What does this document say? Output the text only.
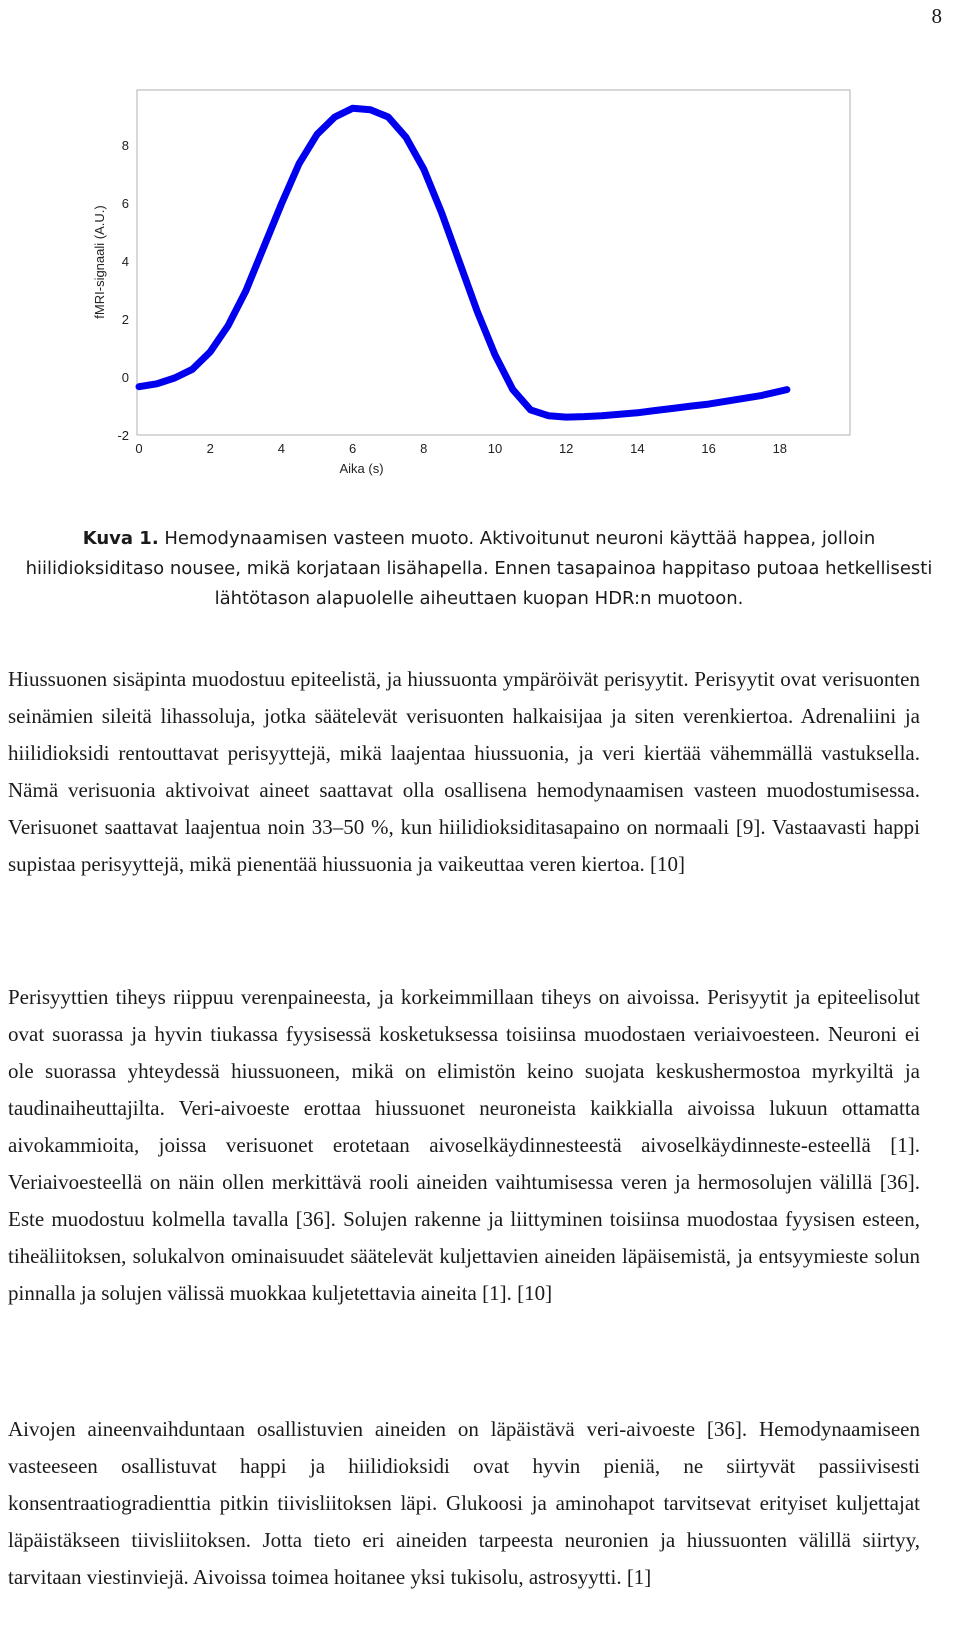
8
-2
0
2
4
6
8
0	2	4	6	8	10	12	14	16	18
Aika (s)
fMRI-signaali (A.U.)
Kuva 1. Hemodynaamisen vasteen muoto. Aktivoitunut neuroni käyttää happea, jolloin hiilidioksiditaso nousee, mikä korjataan lisähapella. Ennen tasapainoa happitaso putoaa hetkellisesti lähtötason alapuolelle aiheuttaen kuopan HDR:n muotoon.

Hiussuonen sisäpinta muodostuu epiteelistä, ja hiussuonta ympäröivät perisyytit. Perisyytit ovat verisuonten seinämien sileitä lihassoluja, jotka säätelevät verisuonten halkaisijaa ja siten verenkiertoa. Adrenaliini ja hiilidioksidi rentouttavat perisyyttejä, mikä laajentaa hiussuonia, ja veri kiertää vähemmällä vastuksella. Nämä verisuonia aktivoivat aineet saattavat olla osallisena hemodynaamisen vasteen muodostumisessa. Verisuonet saattavat laajentua noin 33–50 %, kun hiilidioksiditasapaino on normaali [9]. Vastaavasti happi supistaa perisyyttejä, mikä pienentää hiussuonia ja vaikeuttaa veren kiertoa. [10]

Perisyyttien tiheys riippuu verenpaineesta, ja korkeimmillaan tiheys on aivoissa. Perisyytit ja epiteelisolut ovat suorassa ja hyvin tiukassa fyysisessä kosketuksessa toisiinsa muodostaen veriaivoesteen. Neuroni ei ole suorassa yhteydessä hiussuoneen, mikä on elimistön keino suojata keskushermostoa myrkyiltä ja taudinaiheuttajilta. Veri-aivoeste erottaa hiussuonet neuroneista kaikkialla aivoissa lukuun ottamatta aivokammioita, joissa verisuonet erotetaan aivoselkäydinnesteestä aivoselkäydinneste-esteellä [1]. Veriaivoesteellä on näin ollen merkittävä rooli aineiden vaihtumisessa veren ja hermosolujen välillä [36]. Este muodostuu kolmella tavalla [36]. Solujen rakenne ja liittyminen toisiinsa muodostaa fyysisen esteen, tiheäliitoksen, solukalvon ominaisuudet säätelevät kuljettavien aineiden läpäisemistä, ja entsyymieste solun pinnalla ja solujen välissä muokkaa kuljetettavia aineita [1]. [10]

Aivojen aineenvaihduntaan osallistuvien aineiden on läpäistävä veri-aivoeste [36]. Hemodynaamiseen vasteeseen osallistuvat happi ja hiilidioksidi ovat hyvin pieniä, ne siirtyvät passiivisesti konsentraatiogradienttia pitkin tiivisliitoksen läpi. Glukoosi ja aminohapot tarvitsevat erityiset kuljettajat läpäistäkseen tiivisliitoksen. Jotta tieto eri aineiden tarpeesta neuronien ja hiussuonten välillä siirtyy, tarvitaan viestinviejä. Aivoissa toimea hoitanee yksi tukisolu, astrosyytti. [1]
